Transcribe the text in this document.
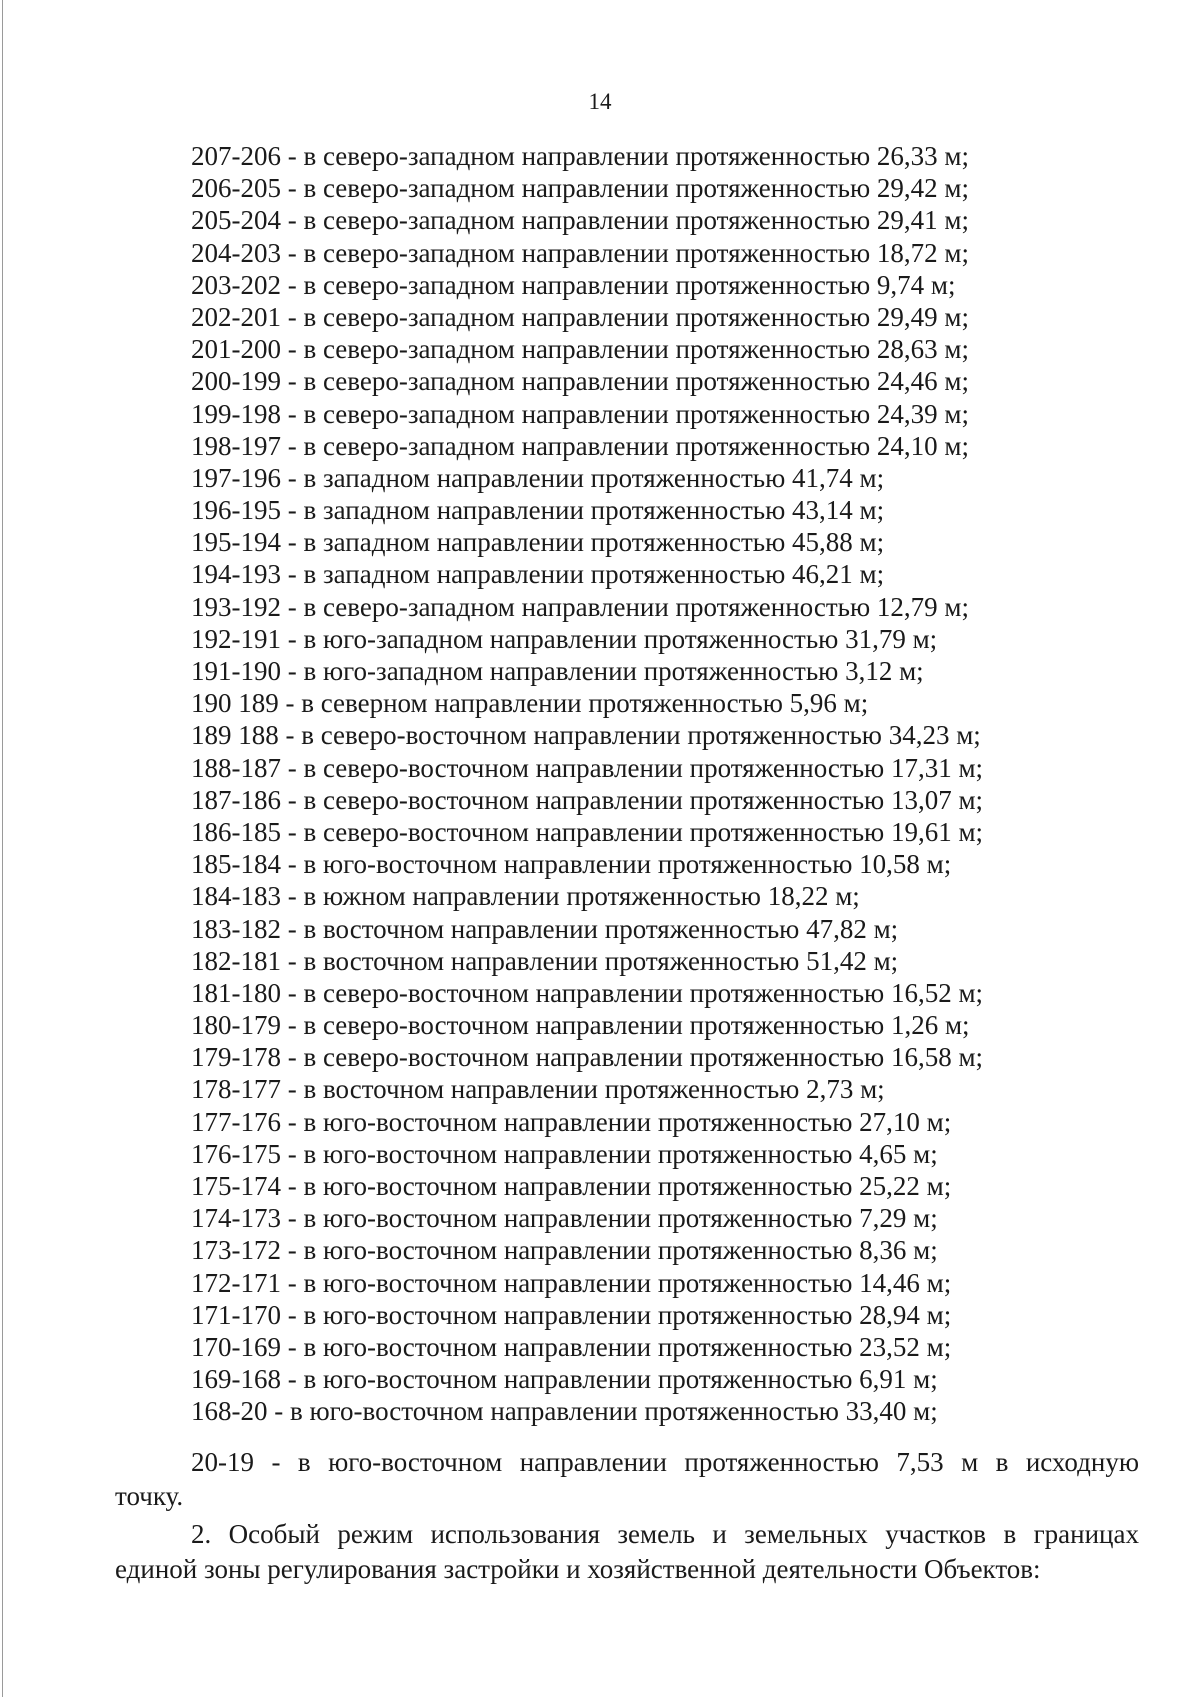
14
207-206 - в северо-западном направлении протяженностью 26,33 м;
206-205 - в северо-западном направлении протяженностью 29,42 м;
205-204 - в северо-западном направлении протяженностью 29,41 м;
204-203 - в северо-западном направлении протяженностью 18,72 м;
203-202 - в северо-западном направлении протяженностью 9,74 м;
202-201 - в северо-западном направлении протяженностью 29,49 м;
201-200 - в северо-западном направлении протяженностью 28,63 м;
200-199 - в северо-западном направлении протяженностью 24,46 м;
199-198 - в северо-западном направлении протяженностью 24,39 м;
198-197 - в северо-западном направлении протяженностью 24,10 м;
197-196 - в западном направлении протяженностью 41,74 м;
196-195 - в западном направлении протяженностью 43,14 м;
195-194 - в западном направлении протяженностью 45,88 м;
194-193 - в западном направлении протяженностью 46,21 м;
193-192 - в северо-западном направлении протяженностью 12,79 м;
192-191 - в юго-западном направлении протяженностью 31,79 м;
191-190 - в юго-западном направлении протяженностью 3,12 м;
190 189 - в северном направлении протяженностью 5,96 м;
189 188 - в северо-восточном направлении протяженностью 34,23 м;
188-187 - в северо-восточном направлении протяженностью 17,31 м;
187-186 - в северо-восточном направлении протяженностью 13,07 м;
186-185 - в северо-восточном направлении протяженностью 19,61 м;
185-184 - в юго-восточном направлении протяженностью 10,58 м;
184-183 - в южном направлении протяженностью 18,22 м;
183-182 - в восточном направлении протяженностью 47,82 м;
182-181 - в восточном направлении протяженностью 51,42 м;
181-180 - в северо-восточном направлении протяженностью 16,52 м;
180-179 - в северо-восточном направлении протяженностью 1,26 м;
179-178 - в северо-восточном направлении протяженностью 16,58 м;
178-177 - в восточном направлении протяженностью 2,73 м;
177-176 - в юго-восточном направлении протяженностью 27,10 м;
176-175 - в юго-восточном направлении протяженностью 4,65 м;
175-174 - в юго-восточном направлении протяженностью 25,22 м;
174-173 - в юго-восточном направлении протяженностью 7,29 м;
173-172 - в юго-восточном направлении протяженностью 8,36 м;
172-171 - в юго-восточном направлении протяженностью 14,46 м;
171-170 - в юго-восточном направлении протяженностью 28,94 м;
170-169 - в юго-восточном направлении протяженностью 23,52 м;
169-168 - в юго-восточном направлении протяженностью 6,91 м;
168-20 - в юго-восточном направлении протяженностью 33,40 м;
20-19 - в юго-восточном направлении протяженностью 7,53 м в исходную
точку.
2. Особый режим использования земель и земельных участков в границах
единой зоны регулирования застройки и хозяйственной деятельности Объектов:
